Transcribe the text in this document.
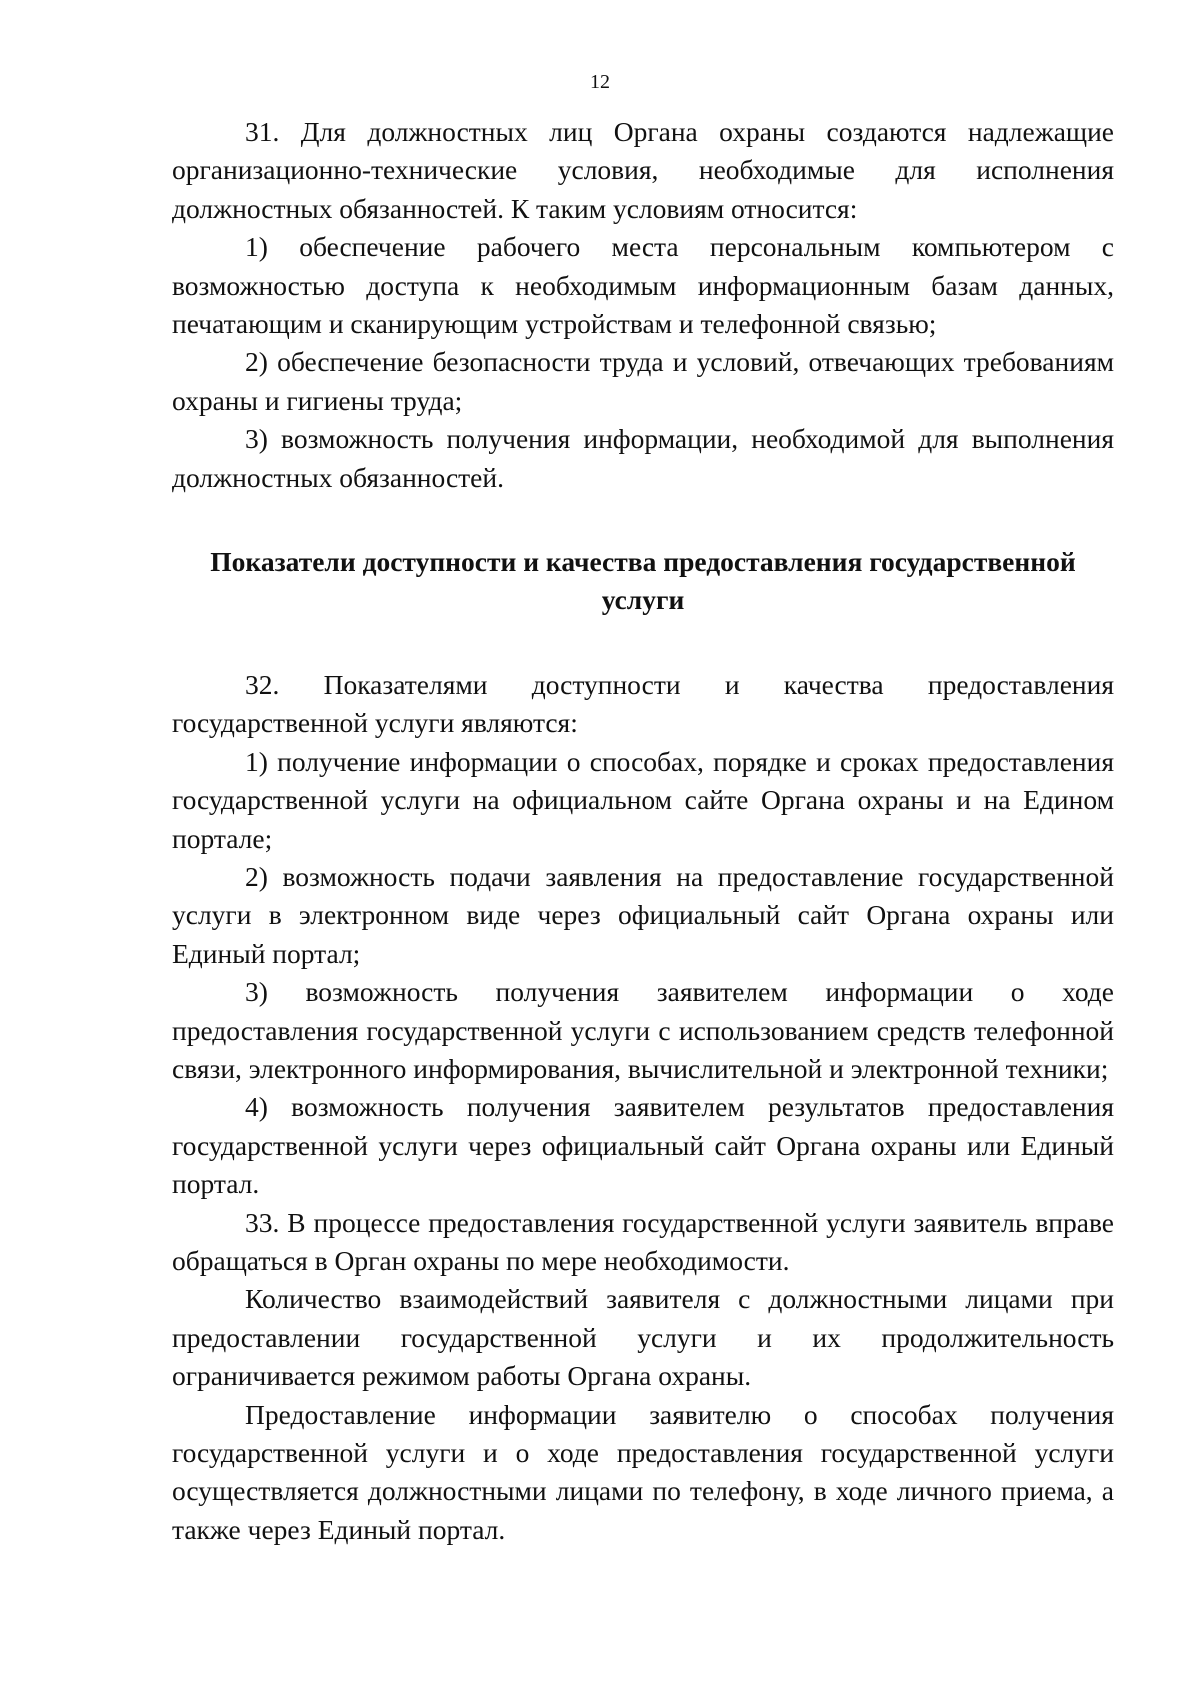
12

31. Для должностных лиц Органа охраны создаются надлежащие организационно-технические условия, необходимые для исполнения должностных обязанностей. К таким условиям относится:

1) обеспечение рабочего места персональным компьютером с возможностью доступа к необходимым информационным базам данных, печатающим и сканирующим устройствам и телефонной связью;

2) обеспечение безопасности труда и условий, отвечающих требованиям охраны и гигиены труда;

3) возможность получения информации, необходимой для выполнения должностных обязанностей.

Показатели доступности и качества предоставления государственной услуги

32. Показателями доступности и качества предоставления государственной услуги являются:

1) получение информации о способах, порядке и сроках предоставления государственной услуги на официальном сайте Органа охраны и на Едином портале;

2) возможность подачи заявления на предоставление государственной услуги в электронном виде через официальный сайт Органа охраны или Единый портал;

3) возможность получения заявителем информации о ходе предоставления государственной услуги с использованием средств телефонной связи, электронного информирования, вычислительной и электронной техники;

4) возможность получения заявителем результатов предоставления государственной услуги через официальный сайт Органа охраны или Единый портал.

33. В процессе предоставления государственной услуги заявитель вправе обращаться в Орган охраны по мере необходимости.

Количество взаимодействий заявителя с должностными лицами при предоставлении государственной услуги и их продолжительность ограничивается режимом работы Органа охраны.

Предоставление информации заявителю о способах получения государственной услуги и о ходе предоставления государственной услуги осуществляется должностными лицами по телефону, в ходе личного приема, а также через Единый портал.
